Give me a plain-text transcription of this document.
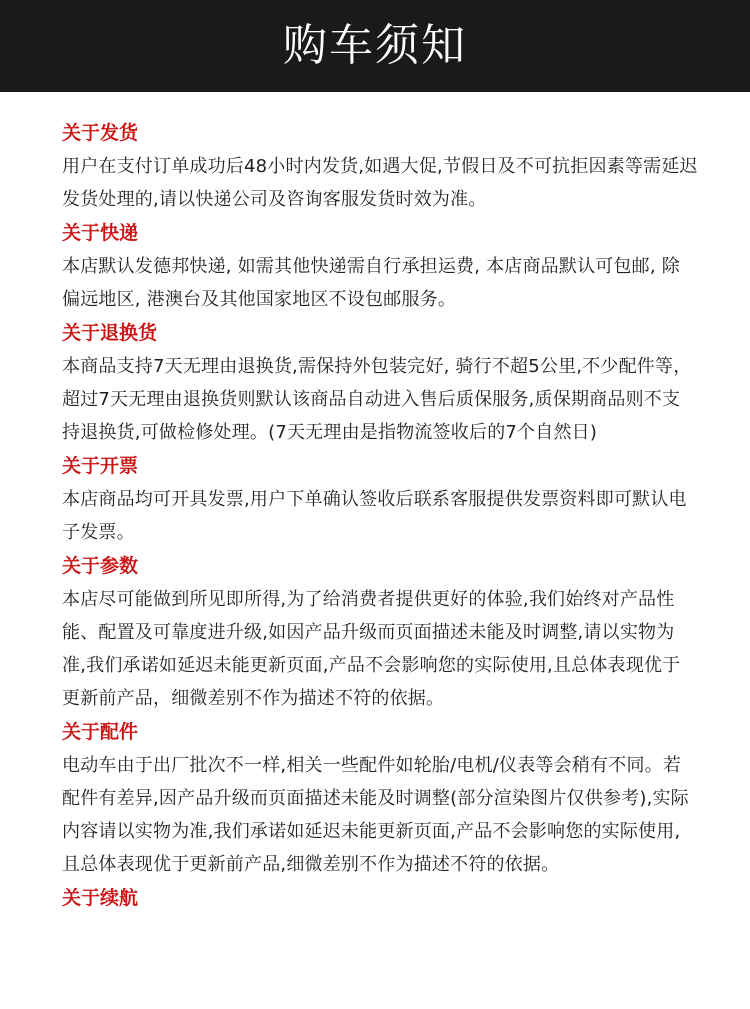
购车须知
关于发货

用户在支付订单成功后48小时内发货,如遇大促,节假日及不可抗拒因素等需延迟发货处理的,请以快递公司及咨询客服发货时效为准。

关于快递

本店默认发德邦快递, 如需其他快递需自行承担运费, 本店商品默认可包邮, 除偏远地区, 港澳台及其他国家地区不设包邮服务。

关于退换货

本商品支持7天无理由退换货,需保持外包装完好, 骑行不超5公里,不少配件等，超过7天无理由退换货则默认该商品自动进入售后质保服务,质保期商品则不支持退换货,可做检修处理。(7天无理由是指物流签收后的7个自然日)

关于开票

本店商品均可开具发票,用户下单确认签收后联系客服提供发票资料即可默认电子发票。

关于参数

本店尽可能做到所见即所得,为了给消费者提供更好的体验,我们始终对产品性能、配置及可靠度进升级,如因产品升级而页面描述未能及时调整,请以实物为准,我们承诺如延迟未能更新页面,产品不会影响您的实际使用,且总体表现优于更新前产品，细微差别不作为描述不符的依据。

关于配件

电动车由于出厂批次不一样,相关一些配件如轮胎/电机/仪表等会稍有不同。若配件有差异,因产品升级而页面描述未能及时调整(部分渲染图片仅供参考),实际内容请以实物为准,我们承诺如延迟未能更新页面,产品不会影响您的实际使用,且总体表现优于更新前产品,细微差别不作为描述不符的依据。

关于续航
